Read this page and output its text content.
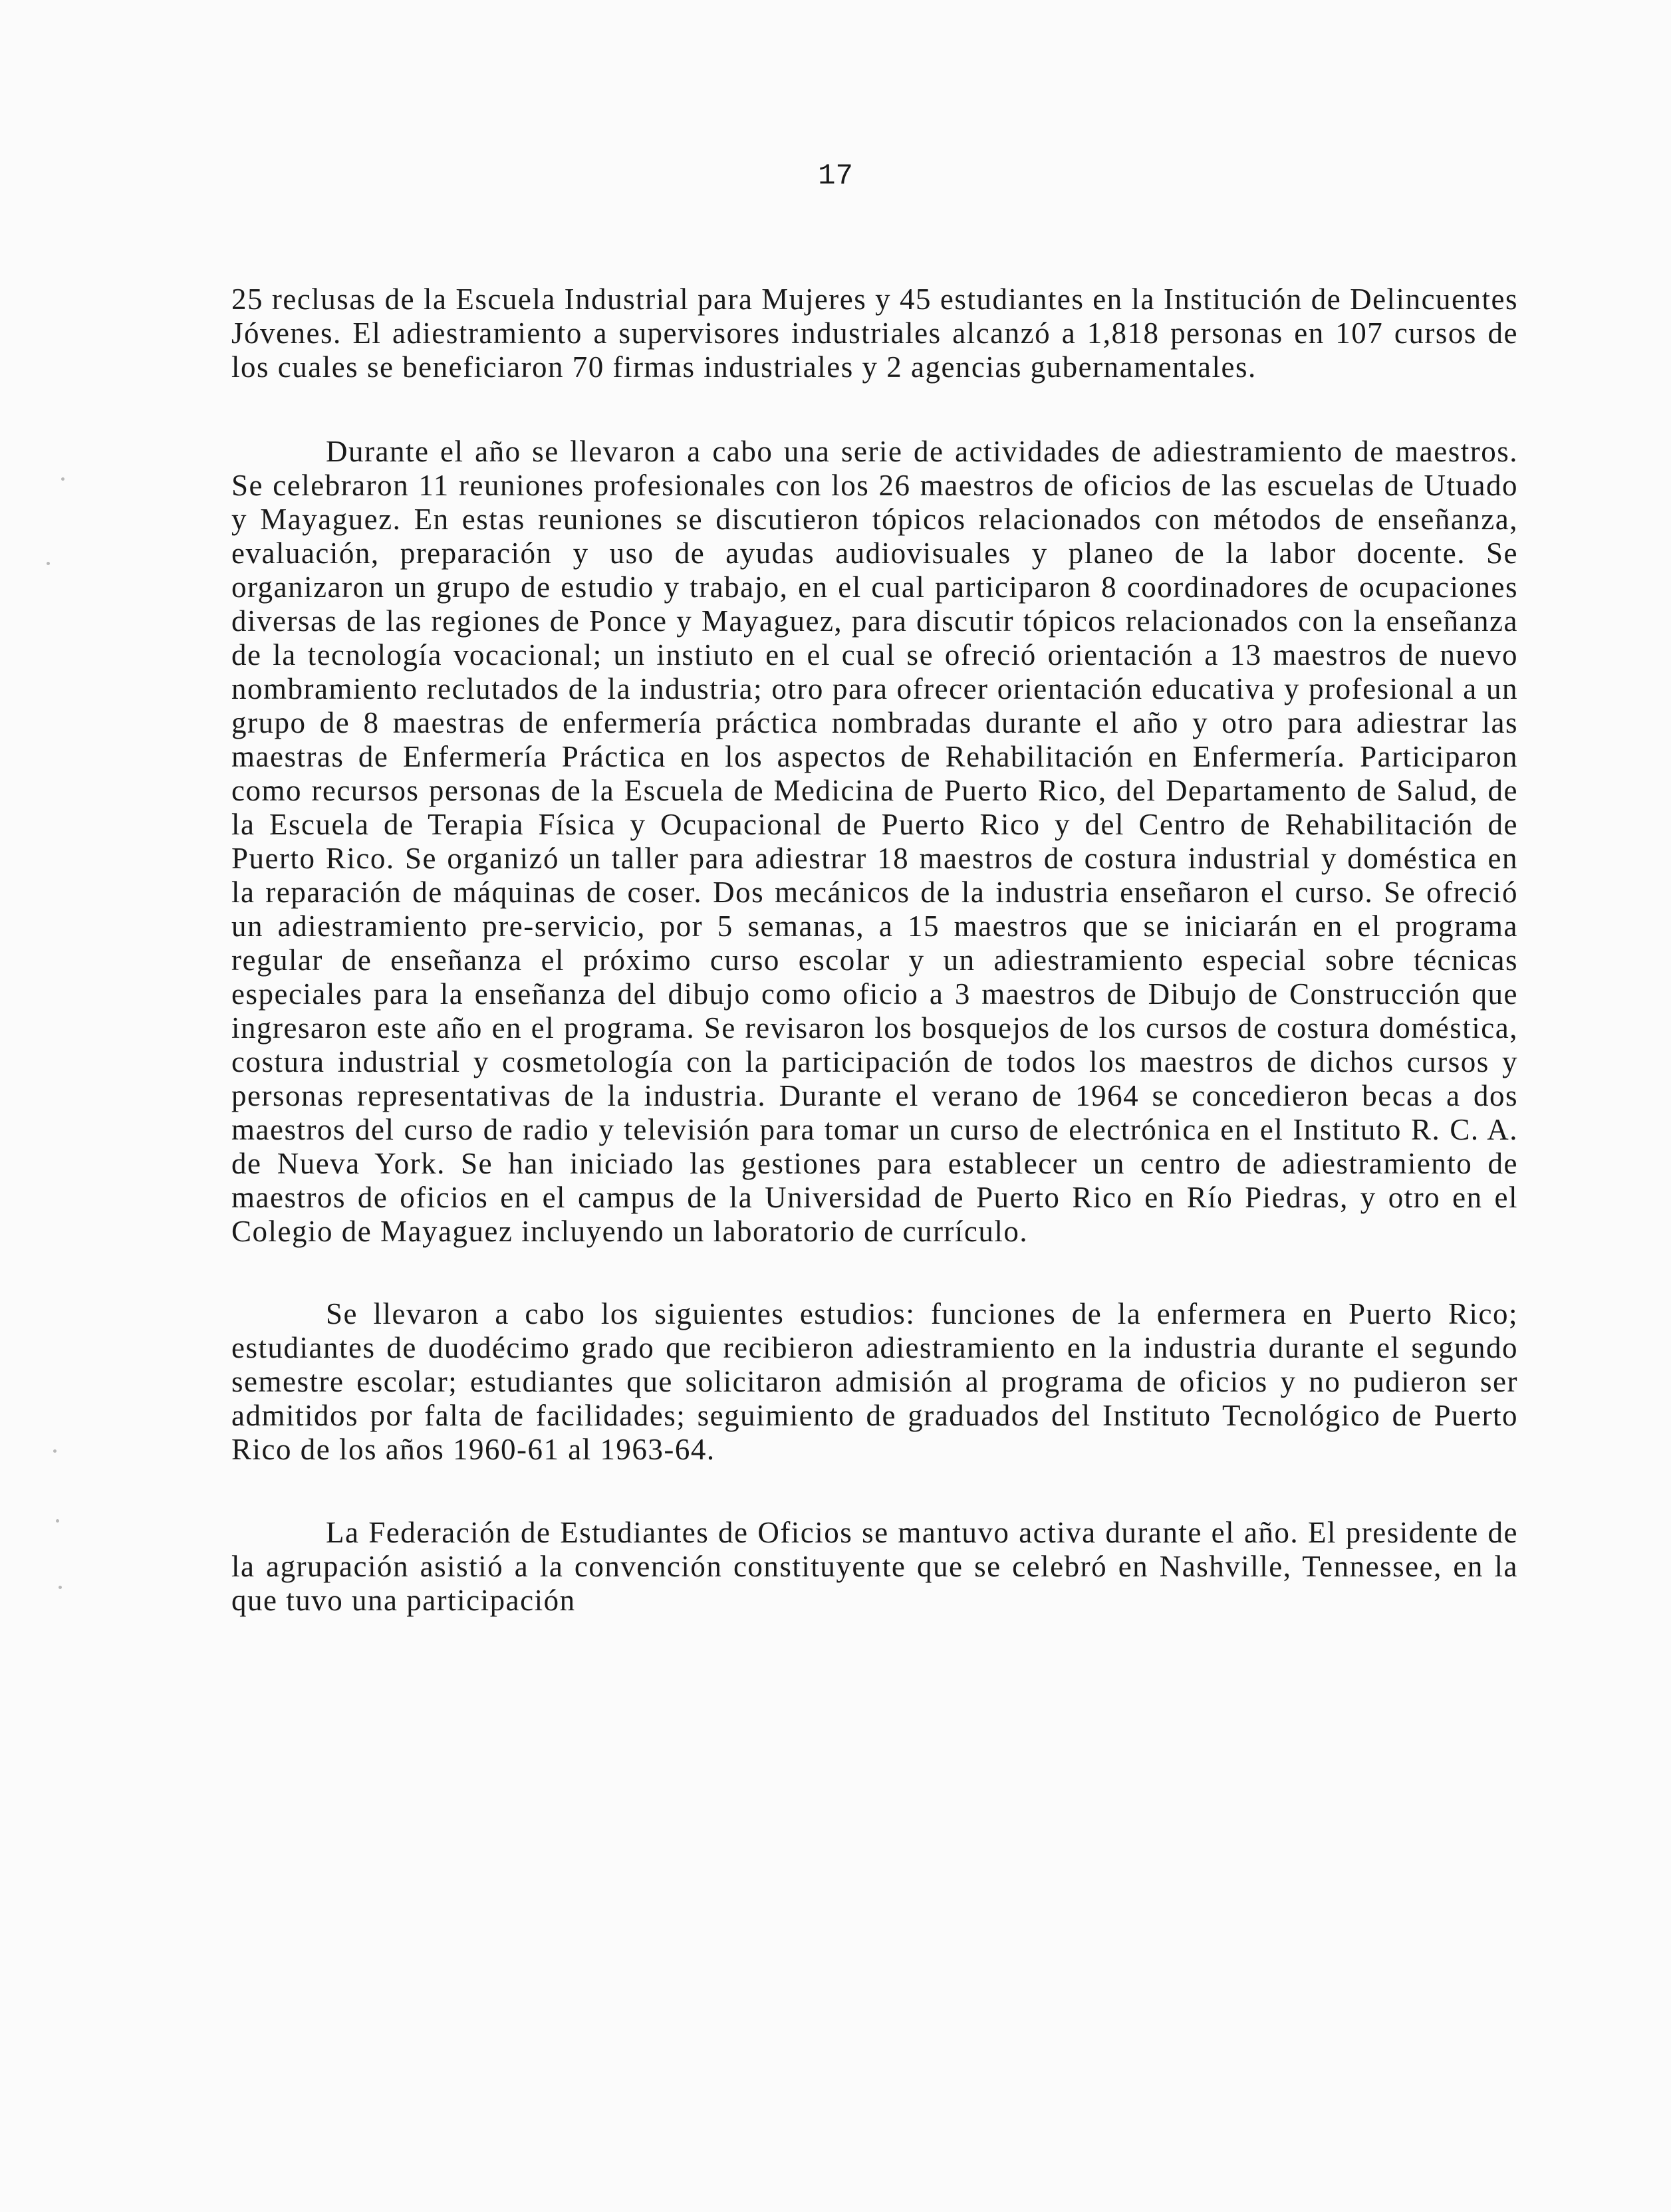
17

25 reclusas de la Escuela Industrial para Mujeres y 45 estudiantes en la Institución de Delincuentes Jóvenes. El adiestramiento a supervisores industriales alcanzó a 1,818 personas en 107 cursos de los cuales se beneficiaron 70 firmas industriales y 2 agencias gubernamentales.

Durante el año se llevaron a cabo una serie de actividades de adiestramiento de maestros. Se celebraron 11 reuniones profesionales con los 26 maestros de oficios de las escuelas de Utuado y Mayaguez. En estas reuniones se discutieron tópicos relacionados con métodos de enseñanza, evaluación, preparación y uso de ayudas audiovisuales y planeo de la labor docente. Se organizaron un grupo de estudio y trabajo, en el cual participaron 8 coordinadores de ocupaciones diversas de las regiones de Ponce y Mayaguez, para discutir tópicos relacionados con la enseñanza de la tecnología vocacional; un instiuto en el cual se ofreció orientación a 13 maestros de nuevo nombramiento reclutados de la industria; otro para ofrecer orientación educativa y profesional a un grupo de 8 maestras de enfermería práctica nombradas durante el año y otro para adiestrar las maestras de Enfermería Práctica en los aspectos de Rehabilitación en Enfermería. Participaron como recursos personas de la Escuela de Medicina de Puerto Rico, del Departamento de Salud, de la Escuela de Terapia Física y Ocupacional de Puerto Rico y del Centro de Rehabilitación de Puerto Rico. Se organizó un taller para adiestrar 18 maestros de costura industrial y doméstica en la reparación de máquinas de coser. Dos mecánicos de la industria enseñaron el curso. Se ofreció un adiestramiento pre-servicio, por 5 semanas, a 15 maestros que se iniciarán en el programa regular de enseñanza el próximo curso escolar y un adiestramiento especial sobre técnicas especiales para la enseñanza del dibujo como oficio a 3 maestros de Dibujo de Construcción que ingresaron este año en el programa. Se revisaron los bosquejos de los cursos de costura doméstica, costura industrial y cosmetología con la participación de todos los maestros de dichos cursos y personas representativas de la industria. Durante el verano de 1964 se concedieron becas a dos maestros del curso de radio y televisión para tomar un curso de electrónica en el Instituto R. C. A. de Nueva York. Se han iniciado las gestiones para establecer un centro de adiestramiento de maestros de oficios en el campus de la Universidad de Puerto Rico en Río Piedras, y otro en el Colegio de Mayaguez incluyendo un laboratorio de currículo.

Se llevaron a cabo los siguientes estudios: funciones de la enfermera en Puerto Rico; estudiantes de duodécimo grado que recibieron adiestramiento en la industria durante el segundo semestre escolar; estudiantes que solicitaron admisión al programa de oficios y no pudieron ser admitidos por falta de facilidades; seguimiento de graduados del Instituto Tecnológico de Puerto Rico de los años 1960-61 al 1963-64.

La Federación de Estudiantes de Oficios se mantuvo activa durante el año. El presidente de la agrupación asistió a la convención constituyente que se celebró en Nashville, Tennessee, en la que tuvo una participación
